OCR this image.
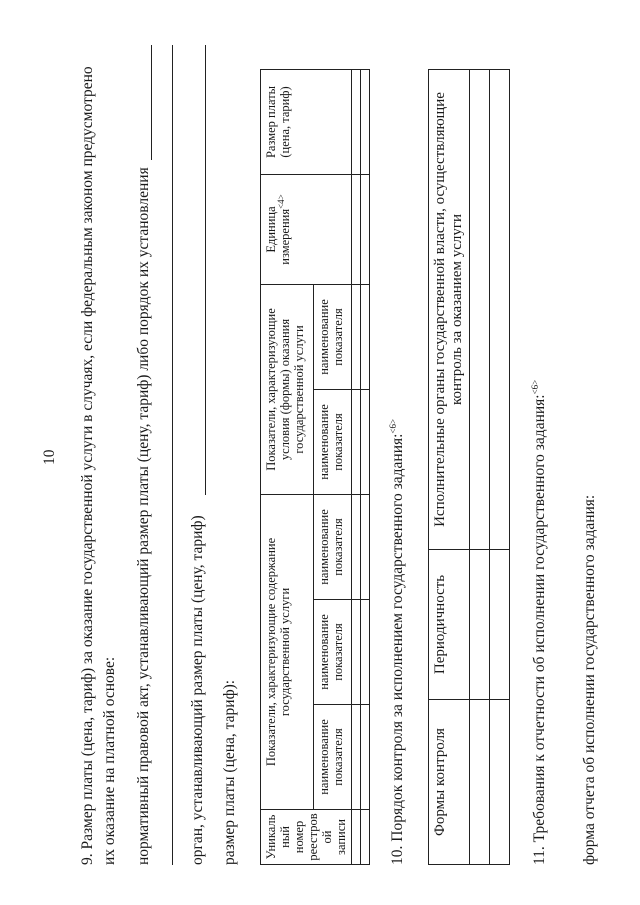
10 9. Размер платы (цена, тариф) за оказание государственной услуги в случаях, если федеральным законом предусмотрено их оказание на платной основе: нормативный правовой акт, устанавливающий размер платы (цену, тариф) либо порядок их установления орган, устанавливающий размер платы (цену, тариф) размер платы (цена, тариф): Уникальный номер реестровой записи	Показатели, характеризующие содержание государственной услуги			Показатели, характеризующие условия (формы) оказания государственной услуги		Единица измерения$^{<4>}$	Размер платы (цена, тариф)
	наименование показателя	наименование показателя	наименование показателя	наименование показателя	наименование показателя		

10. Порядок контроля за исполнением государственного задания:$^{<6>}$
Формы контроля	Периодичность	Исполнительные органы государственной власти, осуществляющие контроль за оказанием услуги

11. Требования к отчетности об исполнении государственного задания:$^{<6>}$
форма отчета об исполнении государственного задания:
